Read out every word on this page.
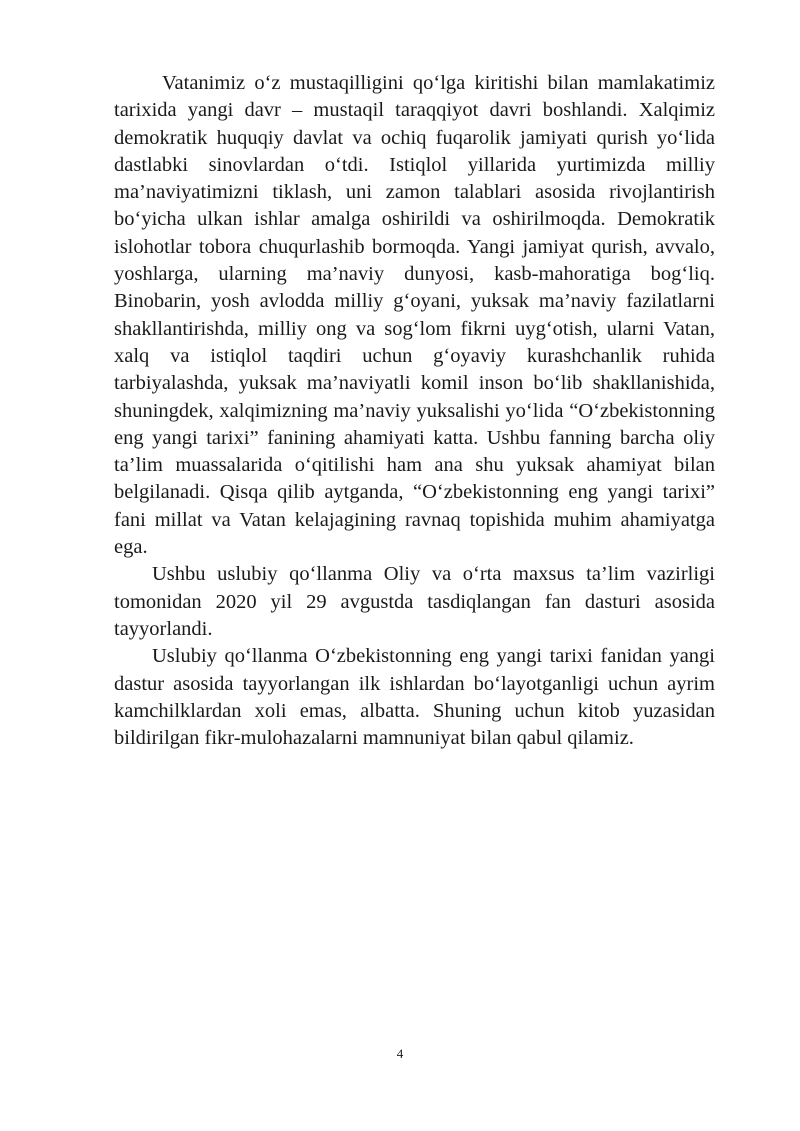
Vatanimiz o‘z mustaqilligini qo‘lga kiritishi bilan mamlakatimiz tarixida yangi davr – mustaqil taraqqiyot davri boshlandi. Xalqimiz demokratik huquqiy davlat va ochiq fuqarolik jamiyati qurish yo‘lida dastlabki sinovlardan o‘tdi. Istiqlol yillarida yurtimizda milliy ma’naviyatimizni tiklash, uni zamon talablari asosida rivojlantirish bo‘yicha ulkan ishlar amalga oshirildi va oshirilmoqda. Demokratik islohotlar tobora chuqurlashib bormoqda. Yangi jamiyat qurish, avvalo, yoshlarga, ularning ma’naviy dunyosi, kasb-mahoratiga bog‘liq. Binobarin, yosh avlodda milliy g‘oyani, yuksak ma’naviy fazilatlarni shakllantirishda, milliy ong va sog‘lom fikrni uyg‘otish, ularni Vatan, xalq va istiqlol taqdiri uchun g‘oyaviy kurashchanlik ruhida tarbiyalashda, yuksak ma’naviyatli komil inson bo‘lib shakllanishida, shuningdek, xalqimizning ma’naviy yuksalishi yo‘lida “O‘zbekistonning eng yangi tarixi” fanining ahamiyati katta. Ushbu fanning barcha oliy ta’lim muassalarida o‘qitilishi ham ana shu yuksak ahamiyat bilan belgilanadi. Qisqa qilib aytganda, “O‘zbekistonning eng yangi tarixi” fani millat va Vatan kelajagining ravnaq topishida muhim ahamiyatga ega.

Ushbu uslubiy qo‘llanma Oliy va o‘rta maxsus ta’lim vazirligi tomonidan 2020 yil 29 avgustda tasdiqlangan fan dasturi asosida tayyorlandi.

Uslubiy qo‘llanma O‘zbekistonning eng yangi tarixi fanidan yangi dastur asosida tayyorlangan ilk ishlardan bo‘layotganligi uchun ayrim kamchilklardan xoli emas, albatta. Shuning uchun kitob yuzasidan bildirilgan fikr-mulohazalarni mamnuniyat bilan qabul qilamiz.

4
